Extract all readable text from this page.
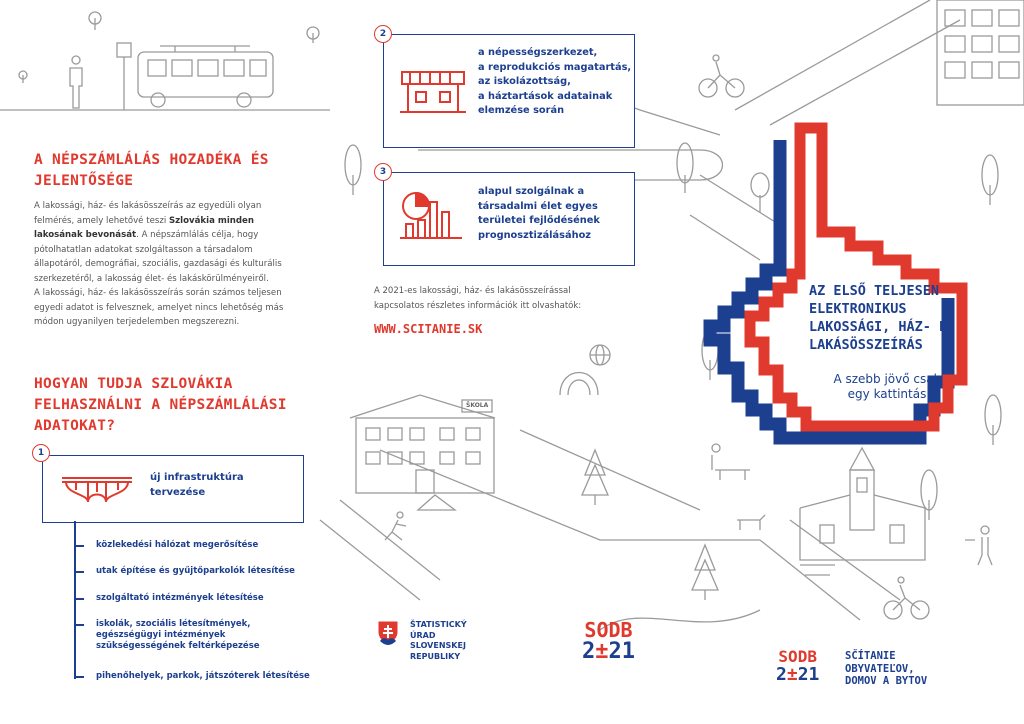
A NÉPSZÁMLÁLÁS HOZADÉKA ÉS
JELENTŐSÉGE
A lakossági, ház- és lakásösszeírás az egyedüli olyan
felmérés, amely lehetővé teszi Szlovákia minden
lakosának bevonását. A népszámlálás célja, hogy
pótolhatatlan adatokat szolgáltasson a társadalom
állapotáról, demográfiai, szociális, gazdasági és kulturális
szerkezetéről, a lakosság élet- és lakáskörülményeiről.
A lakossági, ház- és lakásösszeírás során számos teljesen
egyedi adatot is felvesznek, amelyet nincs lehetőség más
módon ugyanilyen terjedelemben megszerezni.
HOGYAN TUDJA SZLOVÁKIA
FELHASZNÁLNI A NÉPSZÁMLÁLÁSI
ADATOKAT?
1
új infrastruktúra
tervezése
közlekedési hálózat megerősítése
utak építése és gyűjtőparkolók létesítése
szolgáltató intézmények létesítése
iskolák, szociális létesítmények,
egészségügyi intézmények
szükségességének feltérképezése
pihenőhelyek, parkok, játszóterek létesítése
2
a népességszerkezet,
a reprodukciós magatartás,
az iskolázottság,
a háztartások adatainak
elemzése során
3
alapul szolgálnak a
társadalmi élet egyes
területei fejlődésének
prognosztizálásához
A 2021-es lakossági, ház- és lakásösszeírással
kapcsolatos részletes információk itt olvashatók:
WWW.SCITANIE.SK
ŠKOLA
ŠTATISTICKÝ
ÚRAD
SLOVENSKEJ
REPUBLIKY
SODB
2±21
AZ ELSŐ TELJESEN
ELEKTRONIKUS
LAKOSSÁGI, HÁZ- ÉS
LAKÁSÖSSZEÍRÁS
A szebb jövő csak
egy kattintás
SODB
2±21
SČÍTANIE
OBYVATEĽOV,
DOMOV A BYTOV
